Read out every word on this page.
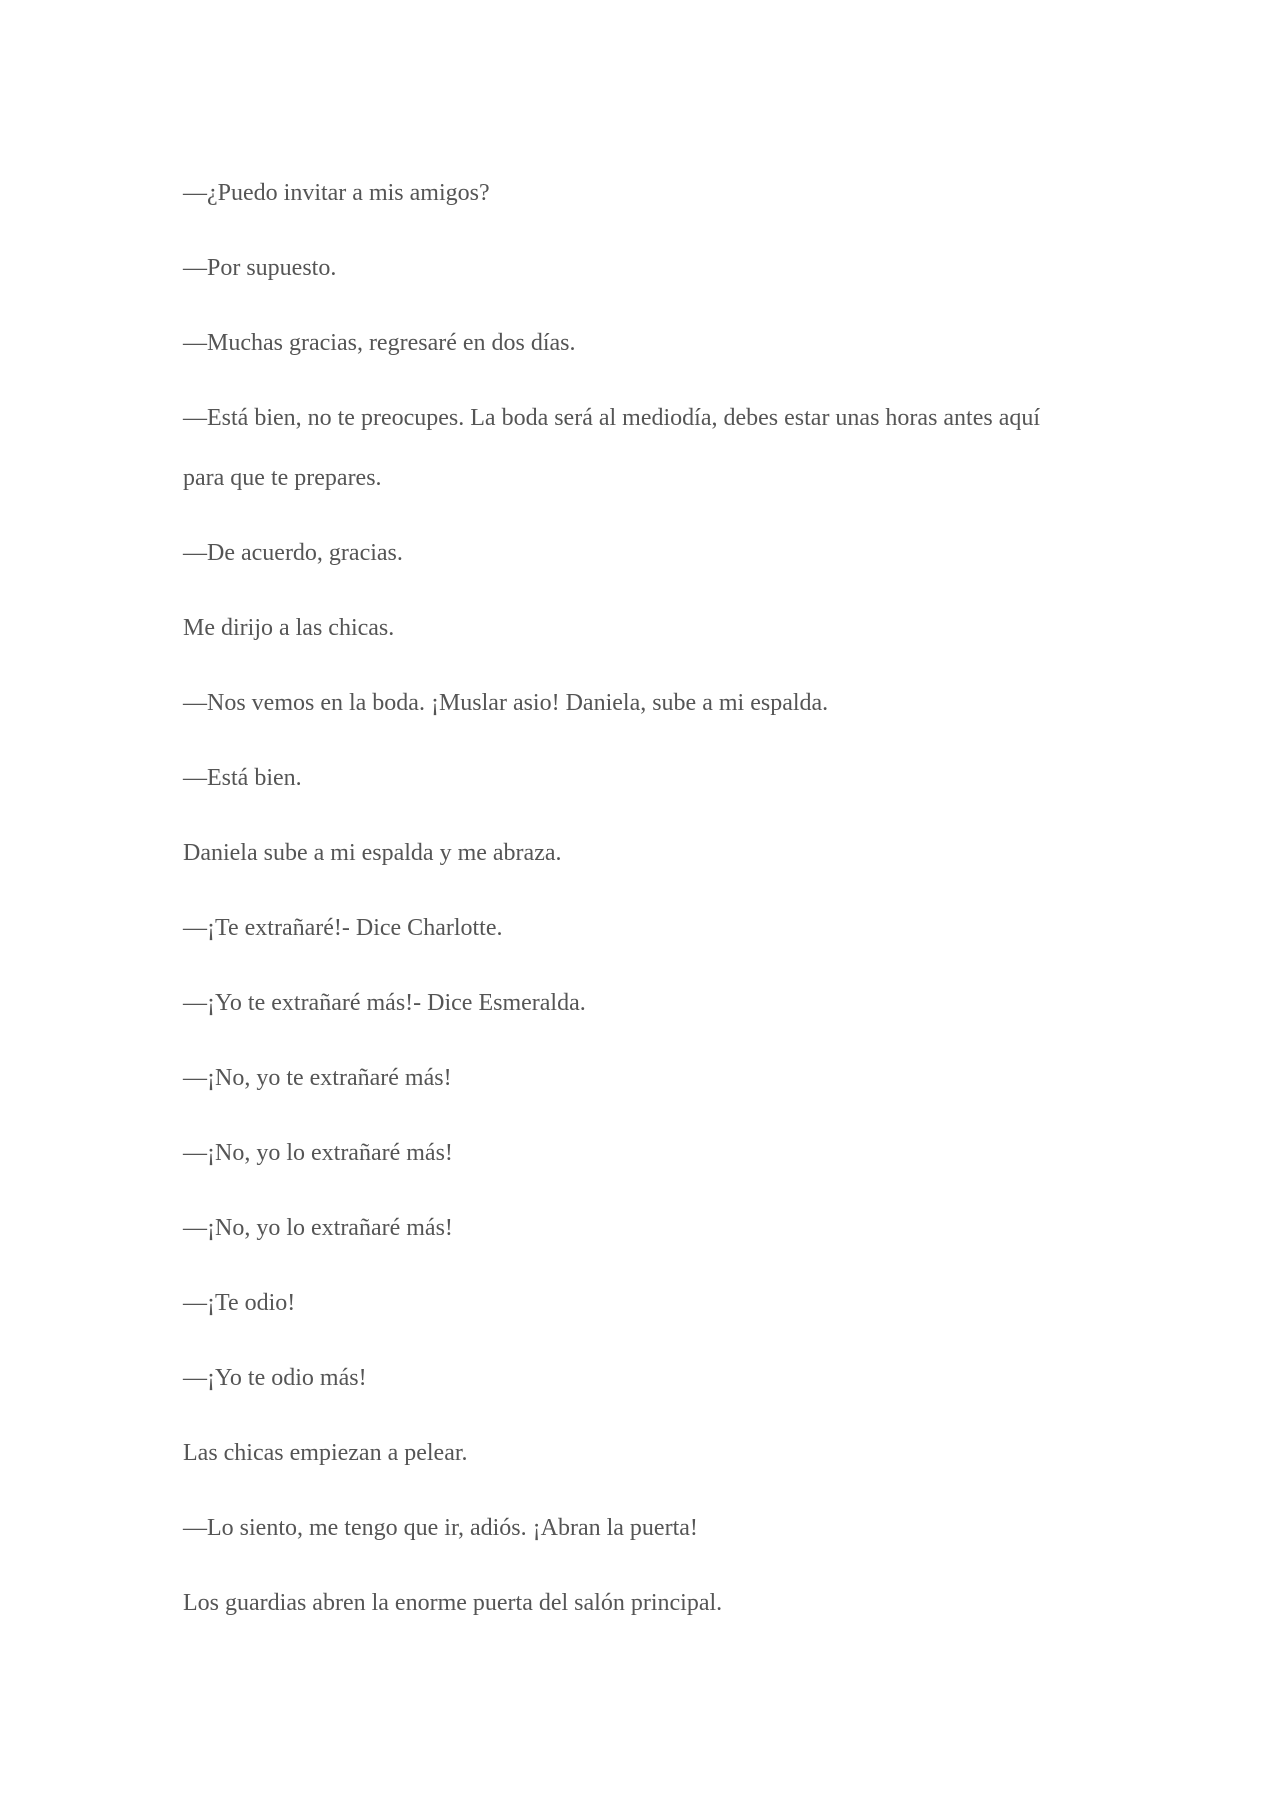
—¿Puedo invitar a mis amigos?

—Por supuesto.

—Muchas gracias, regresaré en dos días.

—Está bien, no te preocupes. La boda será al mediodía, debes estar unas horas antes aquí para que te prepares.

—De acuerdo, gracias.

Me dirijo a las chicas.

—Nos vemos en la boda. ¡Muslar asio! Daniela, sube a mi espalda.

—Está bien.

Daniela sube a mi espalda y me abraza.

—¡Te extrañaré!- Dice Charlotte.

—¡Yo te extrañaré más!- Dice Esmeralda.

—¡No, yo te extrañaré más!

—¡No, yo lo extrañaré más!

—¡No, yo lo extrañaré más!

—¡Te odio!

—¡Yo te odio más!

Las chicas empiezan a pelear.

—Lo siento, me tengo que ir, adiós. ¡Abran la puerta!

Los guardias abren la enorme puerta del salón principal.
